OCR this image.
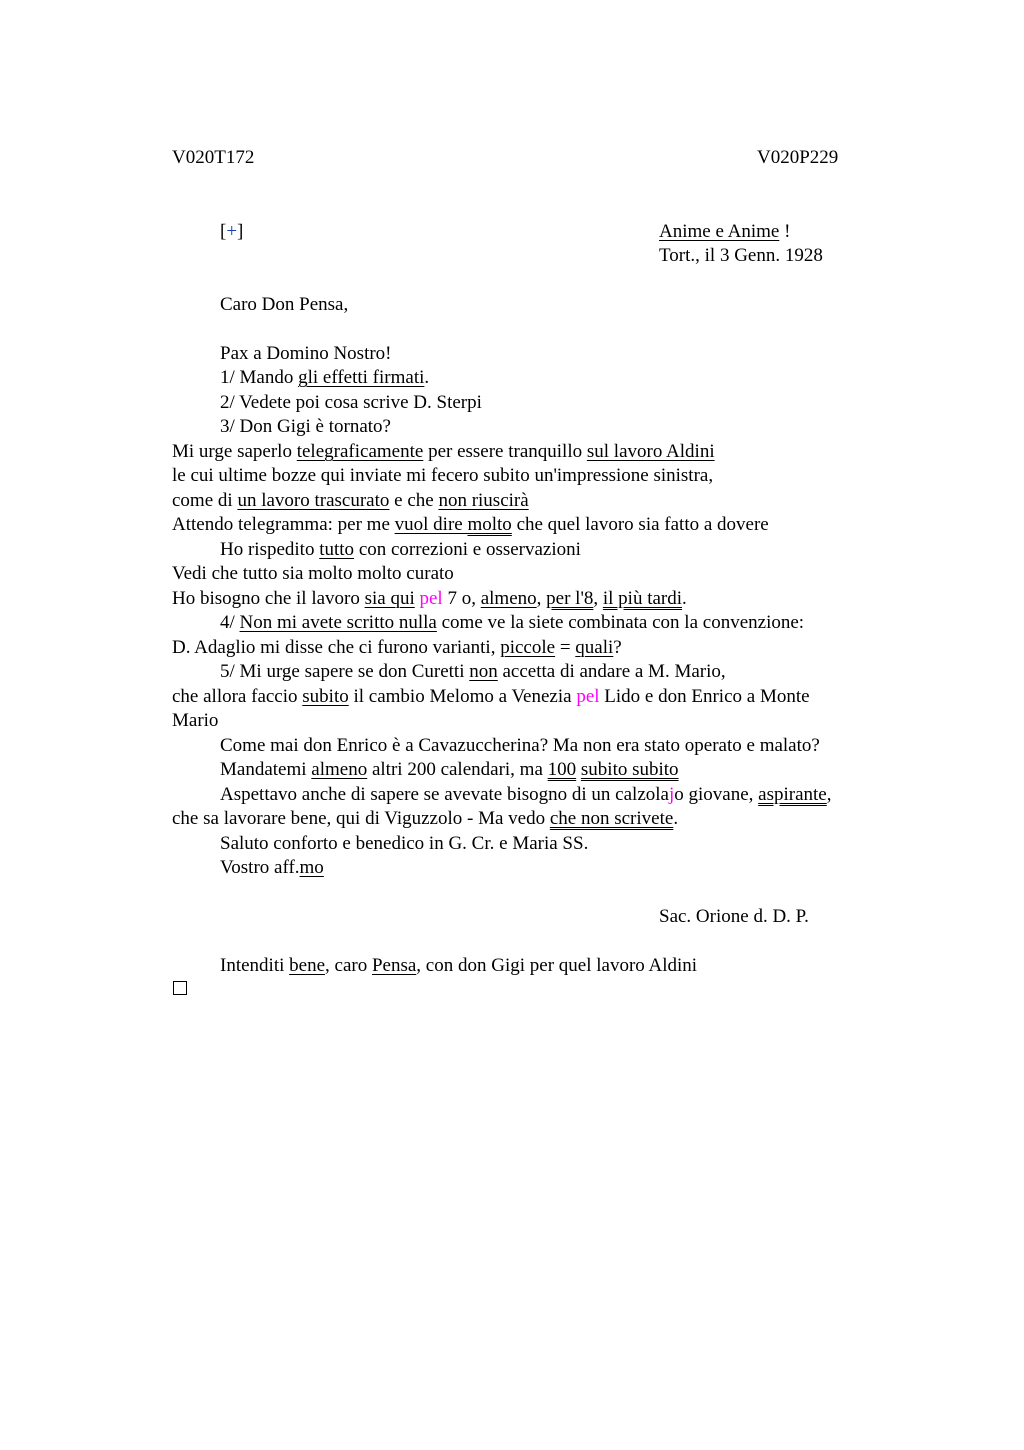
V020T172	V020P229
[+]	Anime e Anime !
Tort., il 3 Genn. 1928
Caro Don Pensa,
Pax a Domino Nostro!
1/ Mando gli effetti firmati.
2/ Vedete poi cosa scrive D. Sterpi
3/ Don Gigi è tornato?
Mi urge saperlo telegraficamente per essere tranquillo sul lavoro Aldini
le cui ultime bozze qui inviate mi fecero subito un'impressione sinistra,
come di un lavoro trascurato e che non riuscirà
Attendo telegramma: per me vuol dire molto che quel lavoro sia fatto a dovere
Ho rispedito tutto con correzioni e osservazioni
Vedi che tutto sia molto molto curato
Ho bisogno che il lavoro sia qui pel 7 o, almeno, per l'8, il più tardi.
4/ Non mi avete scritto nulla come ve la siete combinata con la convenzione:
D. Adaglio mi disse che ci furono varianti, piccole = quali?
5/ Mi urge sapere se don Curetti non accetta di andare a M. Mario,
che allora faccio subito il cambio Melomo a Venezia pel Lido e don Enrico a Monte
Mario
Come mai don Enrico è a Cavazuccherina? Ma non era stato operato e malato?
Mandatemi almeno altri 200 calendari, ma 100 subito subito
Aspettavo anche di sapere se avevate bisogno di un calzolajo giovane, aspirante,
che sa lavorare bene, qui di Viguzzolo - Ma vedo che non scrivete.
Saluto conforto e benedico in G. Cr. e Maria SS.
Vostro aff.mo
Sac. Orione d. D. P.
Intenditi bene, caro Pensa, con don Gigi per quel lavoro Aldini
